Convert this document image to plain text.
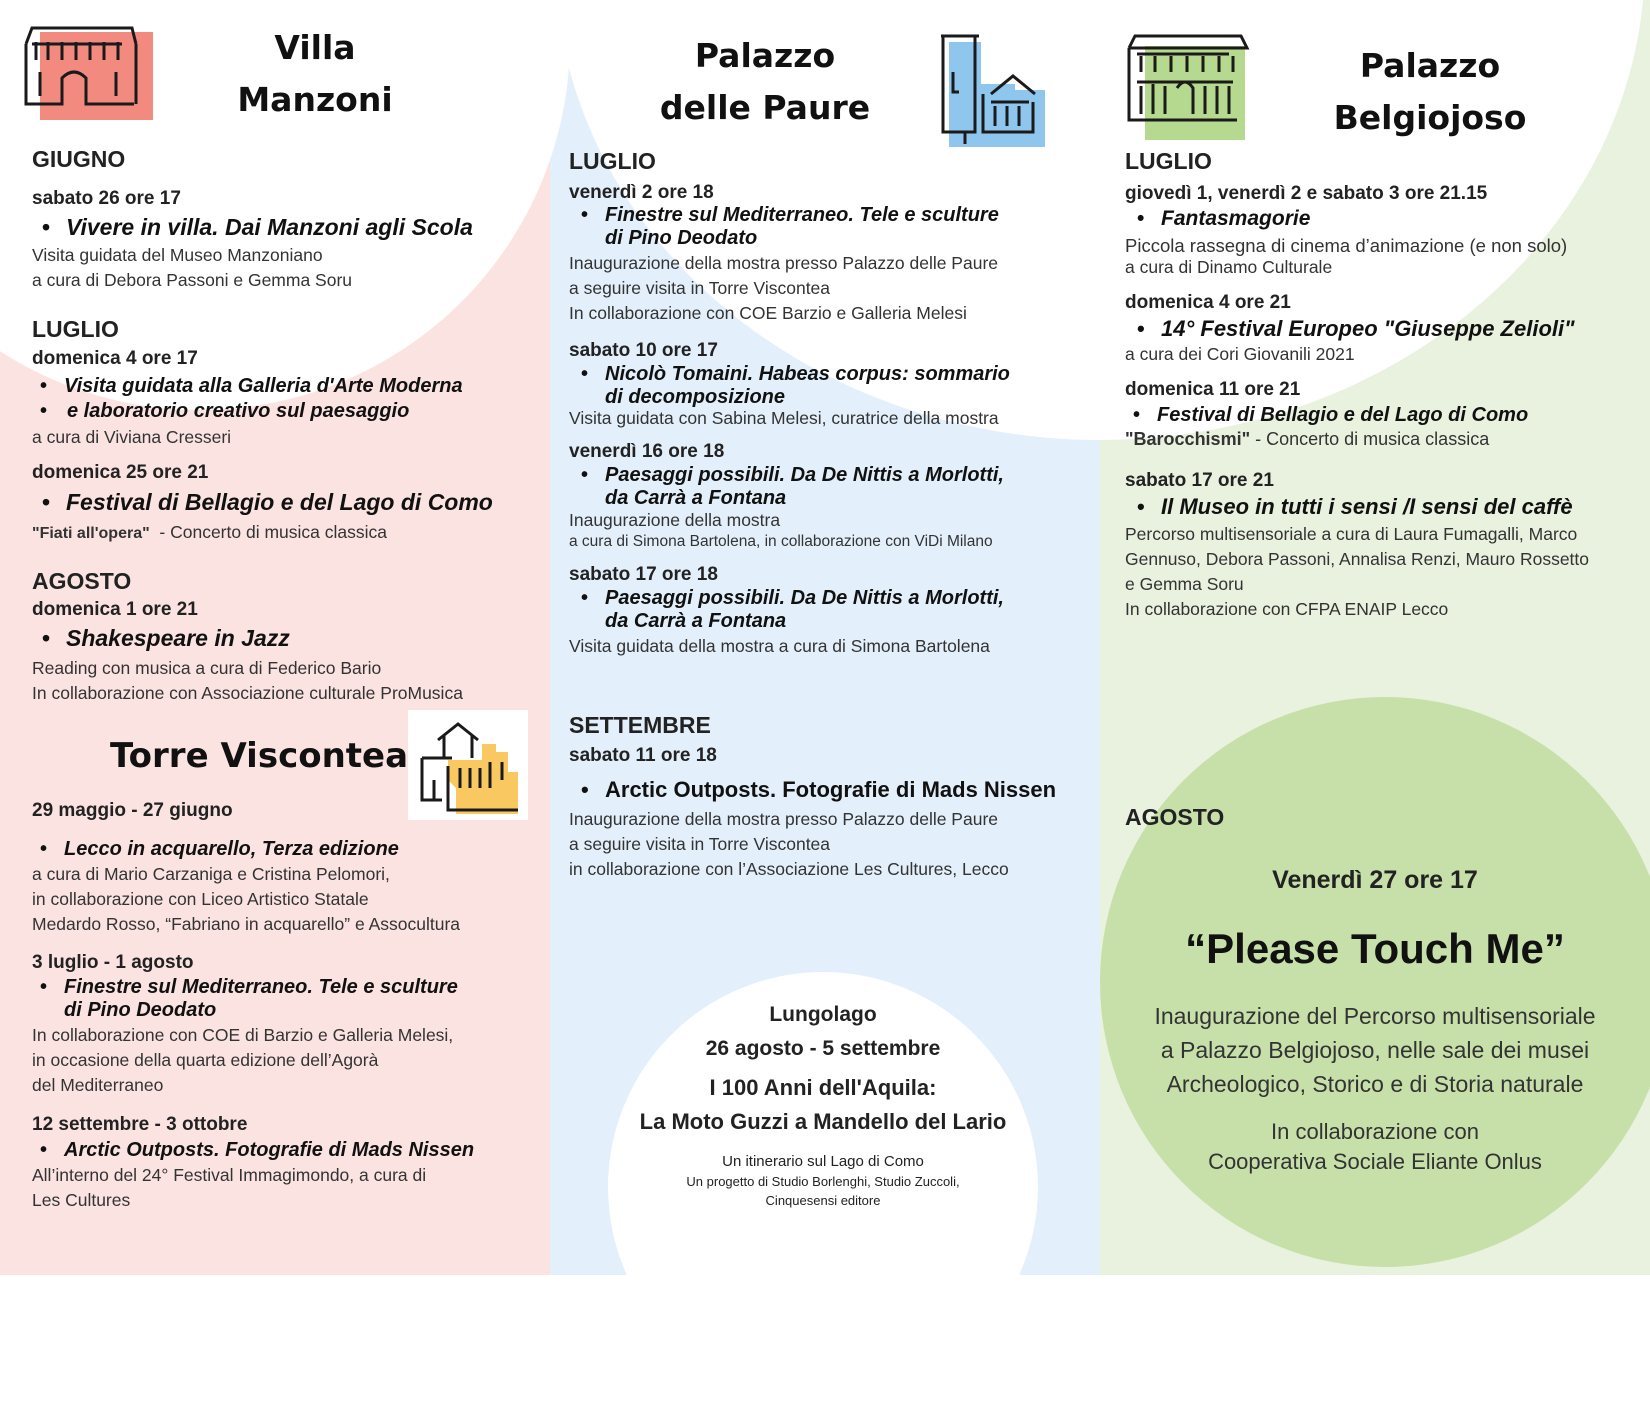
Villa
Manzoni
GIUGNO
sabato 26 ore 17
• Vivere in villa. Dai Manzoni agli Scola
Visita guidata del Museo Manzoniano
a cura di Debora Passoni e Gemma Soru
LUGLIO
domenica 4 ore 17
• Visita guidata alla Galleria d'Arte Moderna
• e laboratorio creativo sul paesaggio
a cura di Viviana Cresseri
domenica 25 ore 21
• Festival di Bellagio e del Lago di Como
"Fiati all'opera"  - Concerto di musica classica
AGOSTO
domenica 1 ore 21
• Shakespeare in Jazz
Reading con musica a cura di Federico Bario
In collaborazione con Associazione culturale ProMusica
Torre Viscontea
29 maggio - 27 giugno
• Lecco in acquarello, Terza edizione
a cura di Mario Carzaniga e Cristina Pelomori,
in collaborazione con Liceo Artistico Statale
Medardo Rosso, “Fabriano in acquarello” e Assocultura
3 luglio - 1 agosto
• Finestre sul Mediterraneo. Tele e sculture
di Pino Deodato
In collaborazione con COE di Barzio e Galleria Melesi,
in occasione della quarta edizione dell’Agorà
del Mediterraneo
12 settembre - 3 ottobre
• Arctic Outposts. Fotografie di Mads Nissen
All’interno del 24° Festival Immagimondo, a cura di
Les Cultures
Palazzo
delle Paure
LUGLIO
venerdì 2 ore 18
• Finestre sul Mediterraneo. Tele e sculture
di Pino Deodato
Inaugurazione della mostra presso Palazzo delle Paure
a seguire visita in Torre Viscontea
In collaborazione con COE Barzio e Galleria Melesi
sabato 10 ore 17
• Nicolò Tomaini. Habeas corpus: sommario
di decomposizione
Visita guidata con Sabina Melesi, curatrice della mostra
venerdì 16 ore 18
• Paesaggi possibili. Da De Nittis a Morlotti,
da Carrà a Fontana
Inaugurazione della mostra
a cura di Simona Bartolena, in collaborazione con ViDi Milano
sabato 17 ore 18
• Paesaggi possibili. Da De Nittis a Morlotti,
da Carrà a Fontana
Visita guidata della mostra a cura di Simona Bartolena
SETTEMBRE
sabato 11 ore 18
• Arctic Outposts. Fotografie di Mads Nissen
Inaugurazione della mostra presso Palazzo delle Paure
a seguire visita in Torre Viscontea
in collaborazione con l’Associazione Les Cultures, Lecco
Lungolago
26 agosto - 5 settembre
I 100 Anni dell'Aquila:
La Moto Guzzi a Mandello del Lario
Un itinerario sul Lago di Como
Un progetto di Studio Borlenghi, Studio Zuccoli,
Cinquesensi editore
Palazzo
Belgiojoso
LUGLIO
giovedì 1, venerdì 2 e sabato 3 ore 21.15
• Fantasmagorie
Piccola rassegna di cinema d’animazione (e non solo)
a cura di Dinamo Culturale
domenica 4 ore 21
• 14° Festival Europeo "Giuseppe Zelioli"
a cura dei Cori Giovanili 2021
domenica 11 ore 21
• Festival di Bellagio e del Lago di Como
"Barocchismi" - Concerto di musica classica
sabato 17 ore 21
• Il Museo in tutti i sensi /I sensi del caffè
Percorso multisensoriale a cura di Laura Fumagalli, Marco
Gennuso, Debora Passoni, Annalisa Renzi, Mauro Rossetto
e Gemma Soru
In collaborazione con CFPA ENAIP Lecco
AGOSTO
Venerdì 27 ore 17
“Please Touch Me”
Inaugurazione del Percorso multisensoriale
a Palazzo Belgiojoso, nelle sale dei musei
Archeologico, Storico e di Storia naturale
In collaborazione con
Cooperativa Sociale Eliante Onlus
